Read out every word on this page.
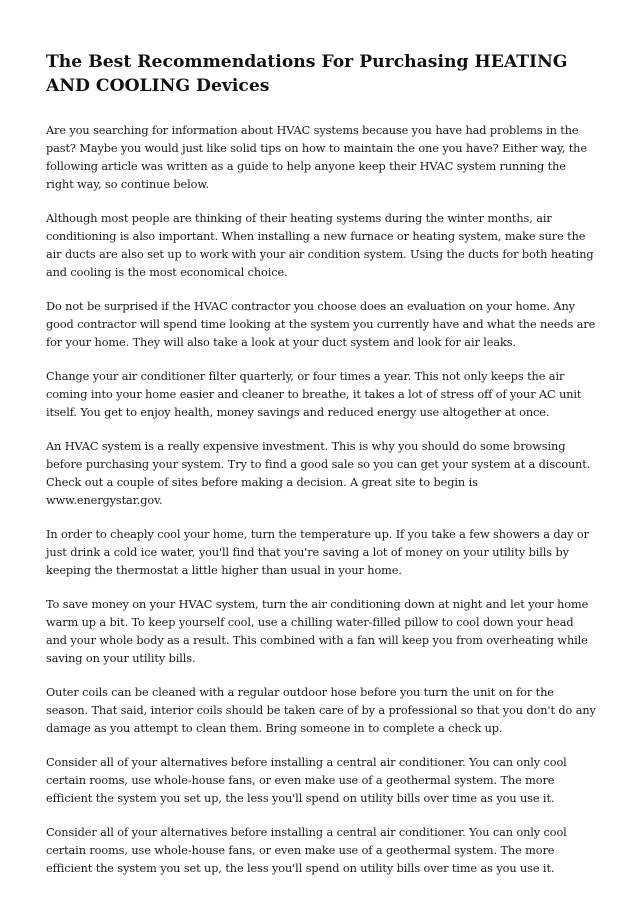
The Best Recommendations For Purchasing HEATING AND COOLING Devices

Are you searching for information about HVAC systems because you have had problems in the past? Maybe you would just like solid tips on how to maintain the one you have? Either way, the following article was written as a guide to help anyone keep their HVAC system running the right way, so continue below.

Although most people are thinking of their heating systems during the winter months, air conditioning is also important. When installing a new furnace or heating system, make sure the air ducts are also set up to work with your air condition system. Using the ducts for both heating and cooling is the most economical choice.

Do not be surprised if the HVAC contractor you choose does an evaluation on your home. Any good contractor will spend time looking at the system you currently have and what the needs are for your home. They will also take a look at your duct system and look for air leaks.

Change your air conditioner filter quarterly, or four times a year. This not only keeps the air coming into your home easier and cleaner to breathe, it takes a lot of stress off of your AC unit itself. You get to enjoy health, money savings and reduced energy use altogether at once.

An HVAC system is a really expensive investment. This is why you should do some browsing before purchasing your system. Try to find a good sale so you can get your system at a discount. Check out a couple of sites before making a decision. A great site to begin is www.energystar.gov.

In order to cheaply cool your home, turn the temperature up. If you take a few showers a day or just drink a cold ice water, you'll find that you're saving a lot of money on your utility bills by keeping the thermostat a little higher than usual in your home.

To save money on your HVAC system, turn the air conditioning down at night and let your home warm up a bit. To keep yourself cool, use a chilling water-filled pillow to cool down your head and your whole body as a result. This combined with a fan will keep you from overheating while saving on your utility bills.

Outer coils can be cleaned with a regular outdoor hose before you turn the unit on for the season. That said, interior coils should be taken care of by a professional so that you don't do any damage as you attempt to clean them. Bring someone in to complete a check up.

Consider all of your alternatives before installing a central air conditioner. You can only cool certain rooms, use whole-house fans, or even make use of a geothermal system. The more efficient the system you set up, the less you'll spend on utility bills over time as you use it.

Consider all of your alternatives before installing a central air conditioner. You can only cool certain rooms, use whole-house fans, or even make use of a geothermal system. The more efficient the system you set up, the less you'll spend on utility bills over time as you use it.
